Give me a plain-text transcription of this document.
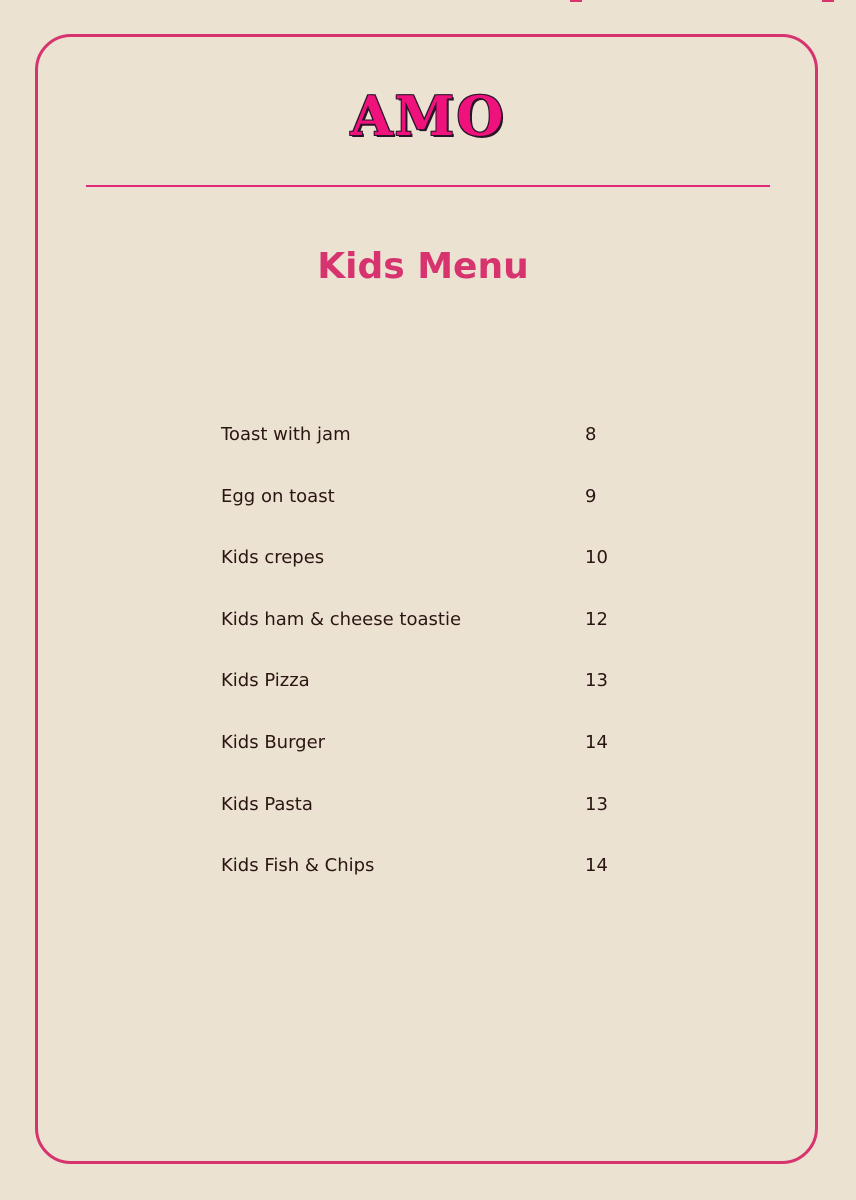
AMO
Kids Menu
Toast with jam	8
Egg on toast	9
Kids crepes	10
Kids ham & cheese toastie	12
Kids Pizza	13
Kids Burger	14
Kids Pasta	13
Kids Fish & Chips	14
